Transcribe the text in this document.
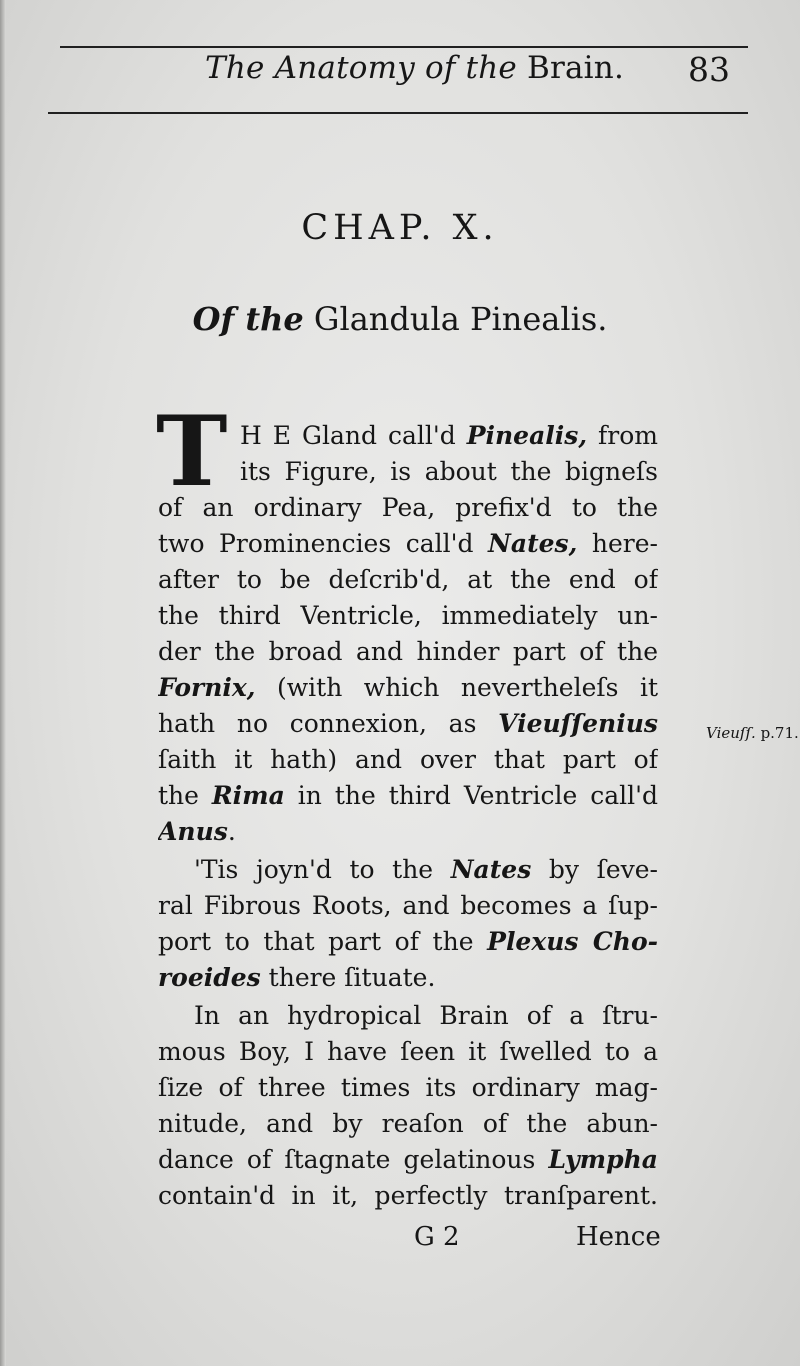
The Anatomy of the Brain. 83
CHAP. X.
Of the Glandula Pinealis.
T H E Gland call'd Pinealis, from
its Figure, is about the bigneſs
of an ordinary Pea, prefix'd to the
two Prominencies call'd Nates, here-
after to be deſcrib'd, at the end of
the third Ventricle, immediately un-
der the broad and hinder part of the
Fornix, (with which nevertheleſs it
hath no connexion, as Vieuſſenius
ſaith it hath) and over that part of
the Rima in the third Ventricle call'd
Anus.
'Tis joyn'd to the Nates by ſeve-
ral Fibrous Roots, and becomes a ſup-
port to that part of the Plexus Cho-
roeides there ſituate.
In an hydropical Brain of a ſtru-
mous Boy, I have ſeen it ſwelled to a
ſize of three times its ordinary mag-
nitude, and by reaſon of the abun-
dance of ſtagnate gelatinous Lympha
contain'd in it, perfectly tranſparent.
Vieuſſ. p.71.
G 2	Hence
